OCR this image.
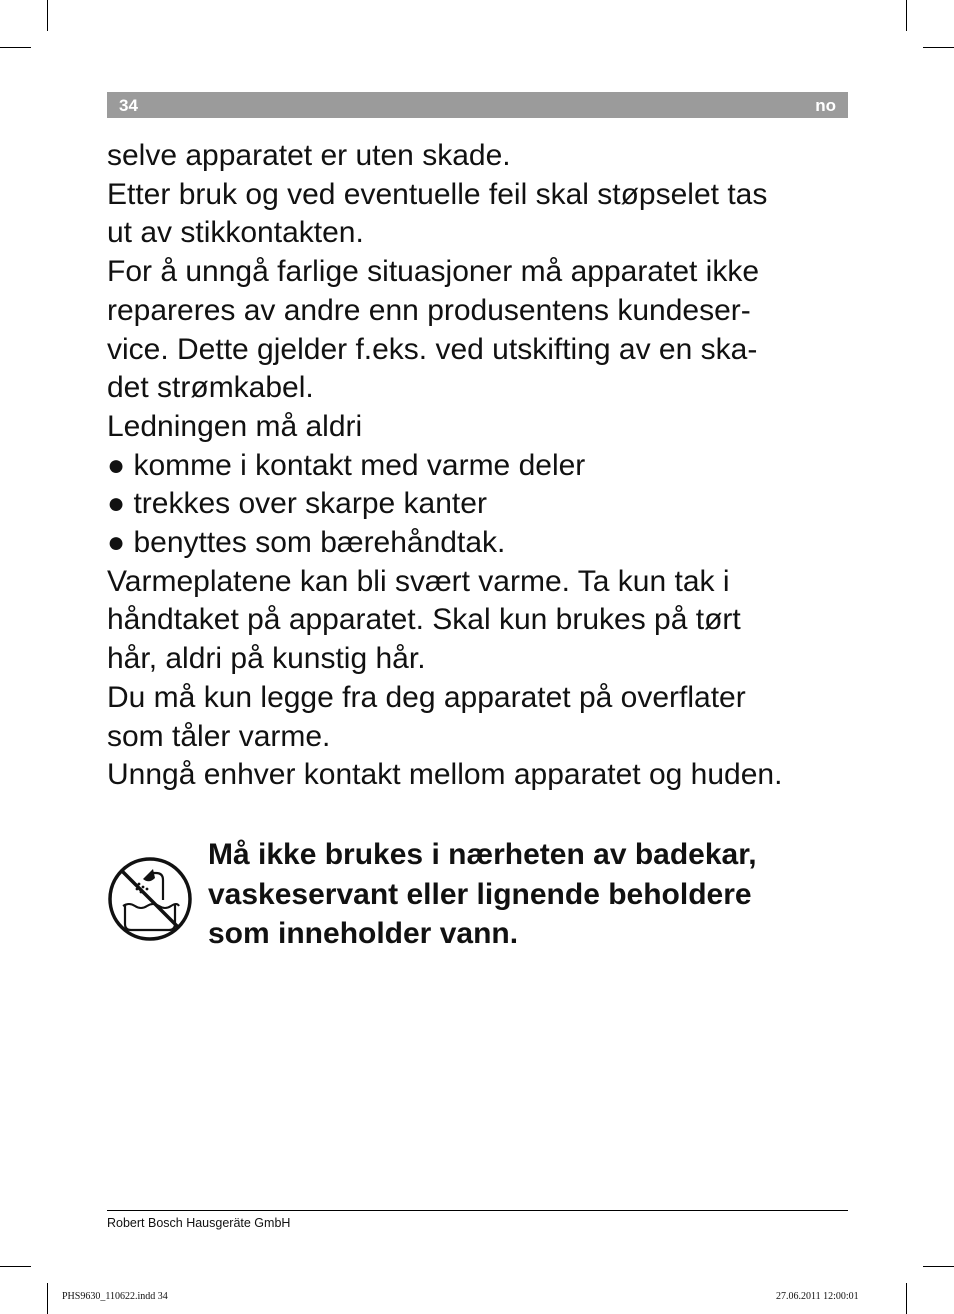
34	no
selve apparatet er uten skade.
Etter bruk og ved eventuelle feil skal støpselet tas
ut av stikkontakten.
For å unngå farlige situasjoner må apparatet ikke
repareres av andre enn produsentens kundeser-
vice. Dette gjelder f.eks. ved utskifting av en ska-
det strømkabel.
Ledningen må aldri
● komme i kontakt med varme deler
● trekkes over skarpe kanter
● benyttes som bærehåndtak.
Varmeplatene kan bli svært varme. Ta kun tak i
håndtaket på apparatet. Skal kun brukes på tørt
hår, aldri på kunstig hår.
Du må kun legge fra deg apparatet på overflater
som tåler varme.
Unngå enhver kontakt mellom apparatet og huden.
Må ikke brukes i nærheten av badekar,
vaskeservant eller lignende beholdere
som inneholder vann.
Robert Bosch Hausgeräte GmbH
PHS9630_110622.indd 34	27.06.2011 12:00:01
